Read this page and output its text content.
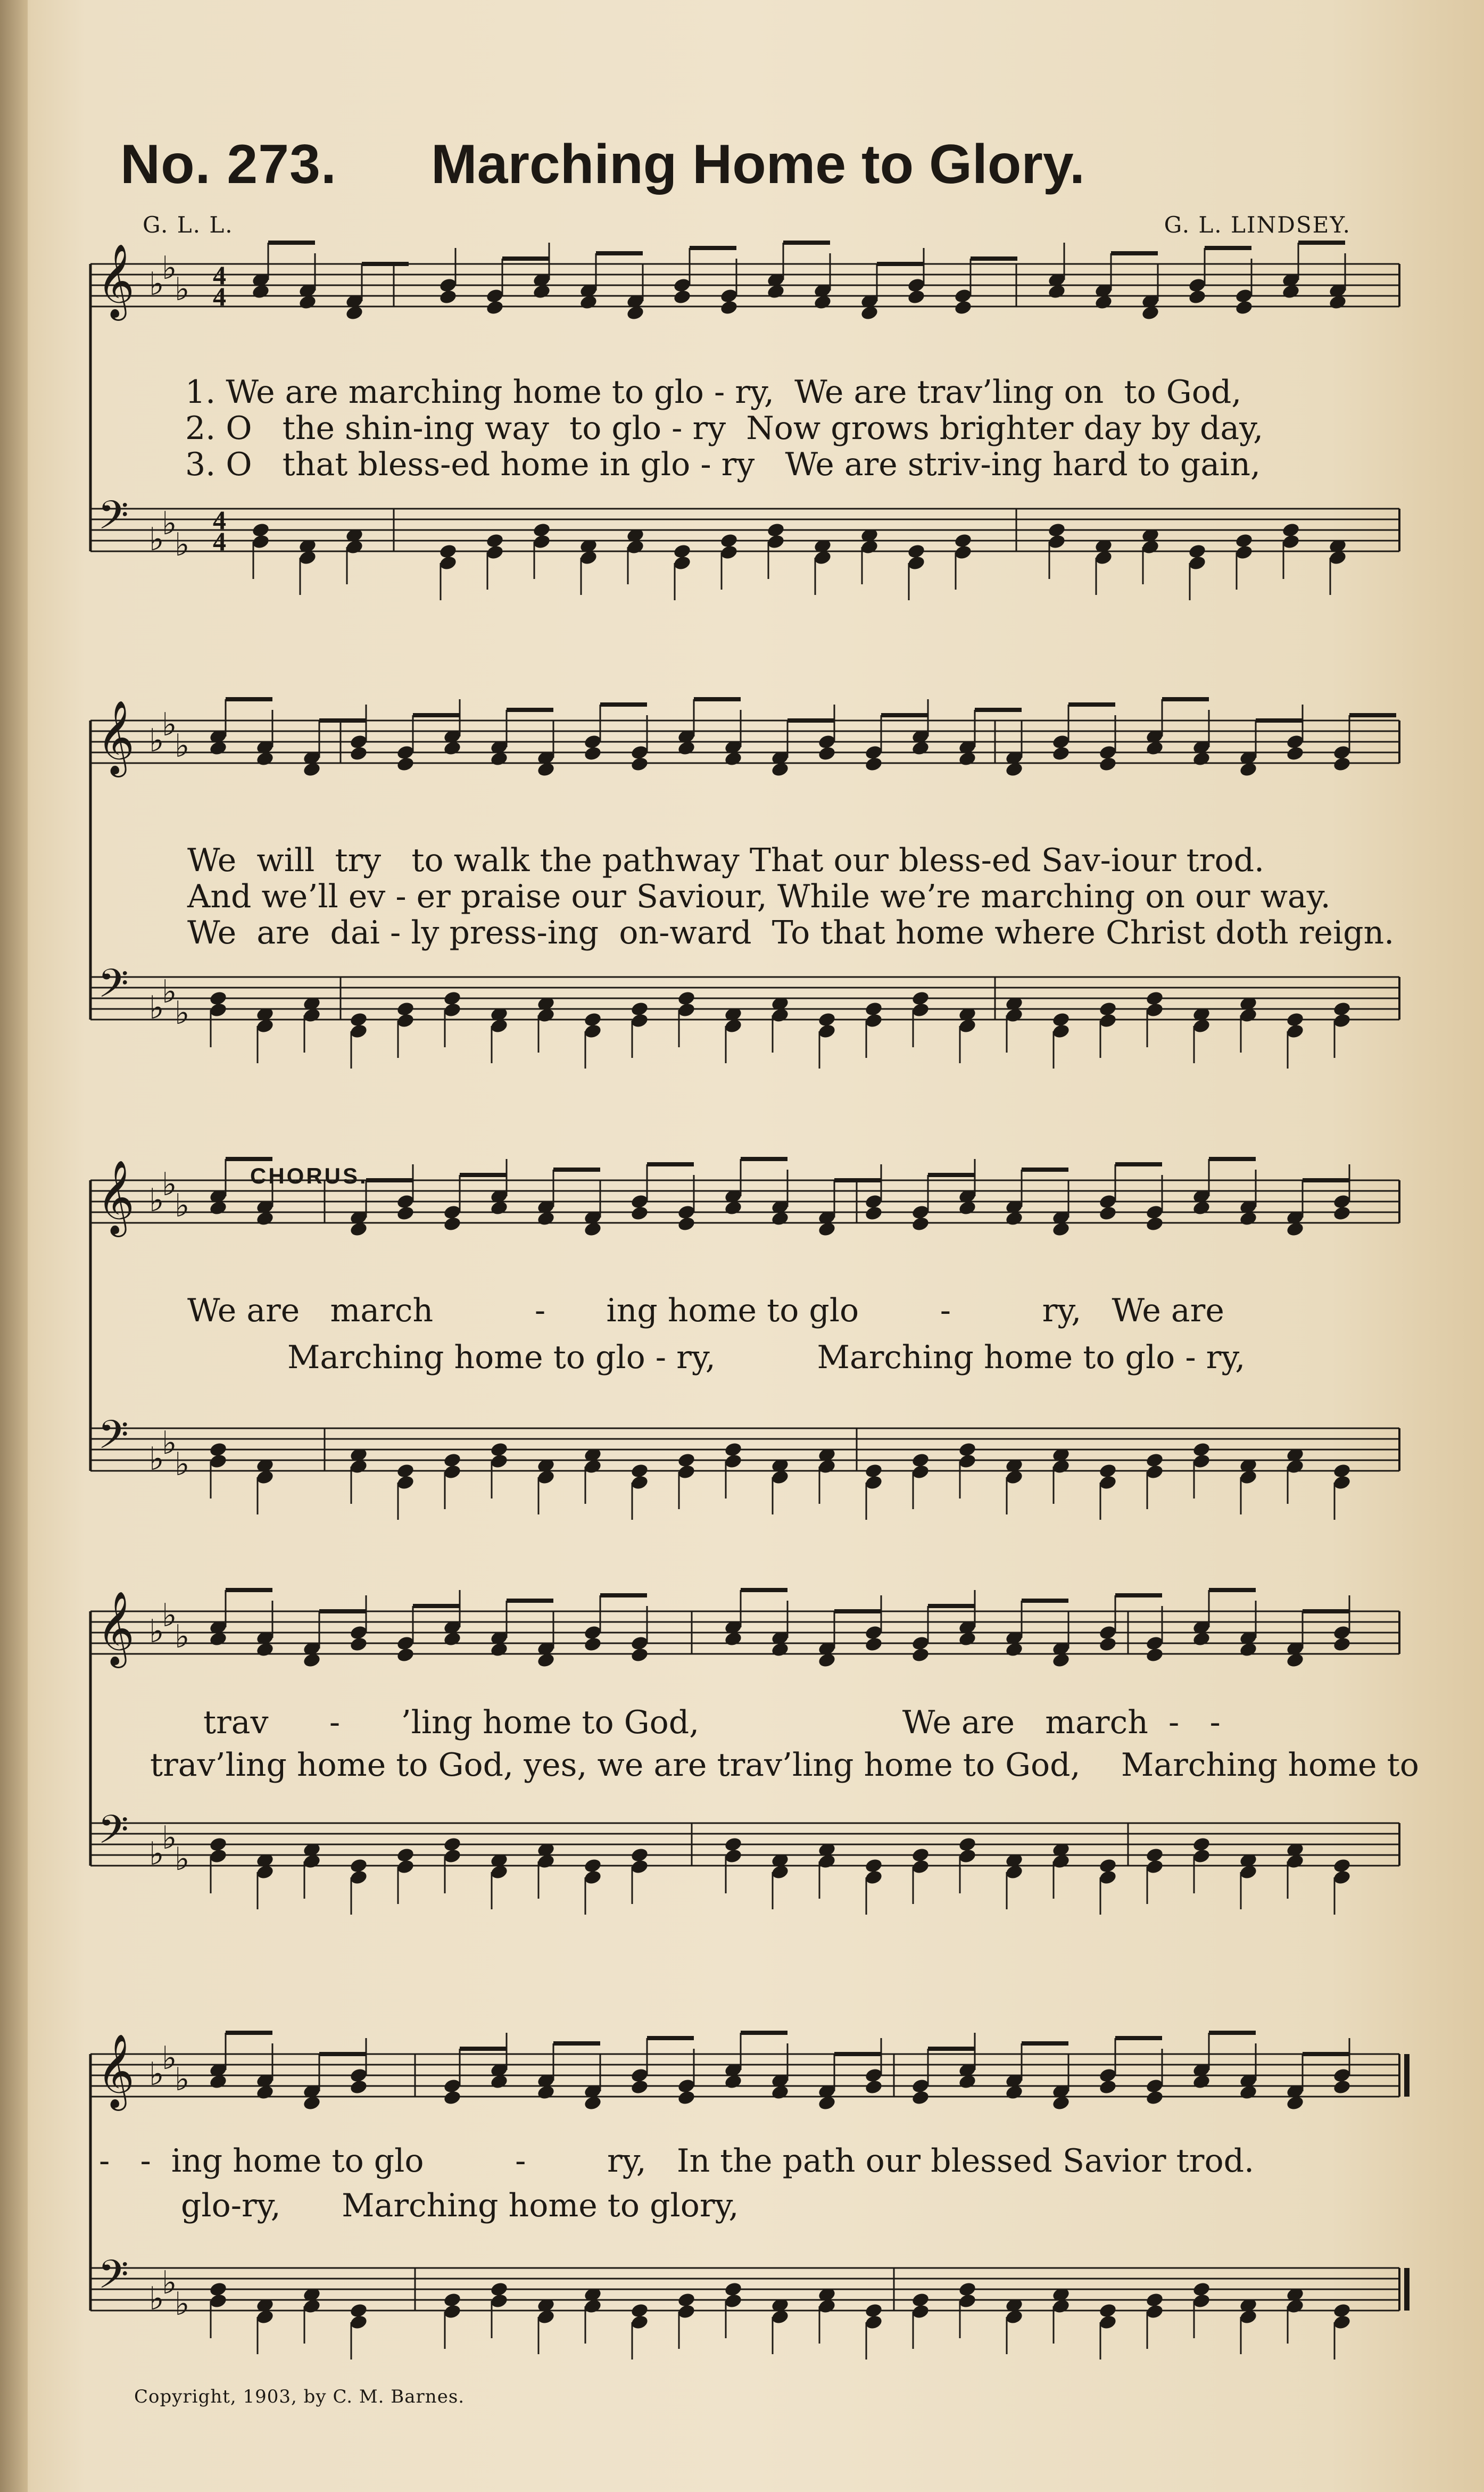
No. 273. Marching Home to Glory.
G. L. L.	G. L. LINDSEY.
𝄞
𝄢
♭
♭
♭
♭
♭
♭
4
4
4
4
𝄞
𝄢
♭
♭
♭
♭
♭
♭
𝄞
𝄢
♭
♭
♭
♭
♭
♭
𝄞
𝄢
♭
♭
♭
♭
♭
♭
𝄞
𝄢
♭
♭
♭
♭
♭
♭
1. We are marching home to glo - ry,  We are trav’ling on  to God,
2. O   the shin-ing way  to glo - ry  Now grows brighter day by day,
3. O   that bless-ed home in glo - ry   We are striv-ing hard to gain,
We  will  try   to walk the pathway That our bless-ed Sav-iour trod.
And we’ll ev - er praise our Saviour, While we’re marching on our way.
We  are  dai - ly press-ing  on-ward  To that home where Christ doth reign.
CHORUS.
We are   march          -      ing home to glo        -         ry,   We are
Marching home to glo - ry,          Marching home to glo - ry,
trav      -      ’ling home to God,                    We are   march  -   -
trav’ling home to God, yes, we are trav’ling home to God,    Marching home to
-   -  ing home to glo         -        ry,   In the path our blessed Savior trod.
glo-ry,      Marching home to glory,
Copyright, 1903, by C. M. Barnes.
